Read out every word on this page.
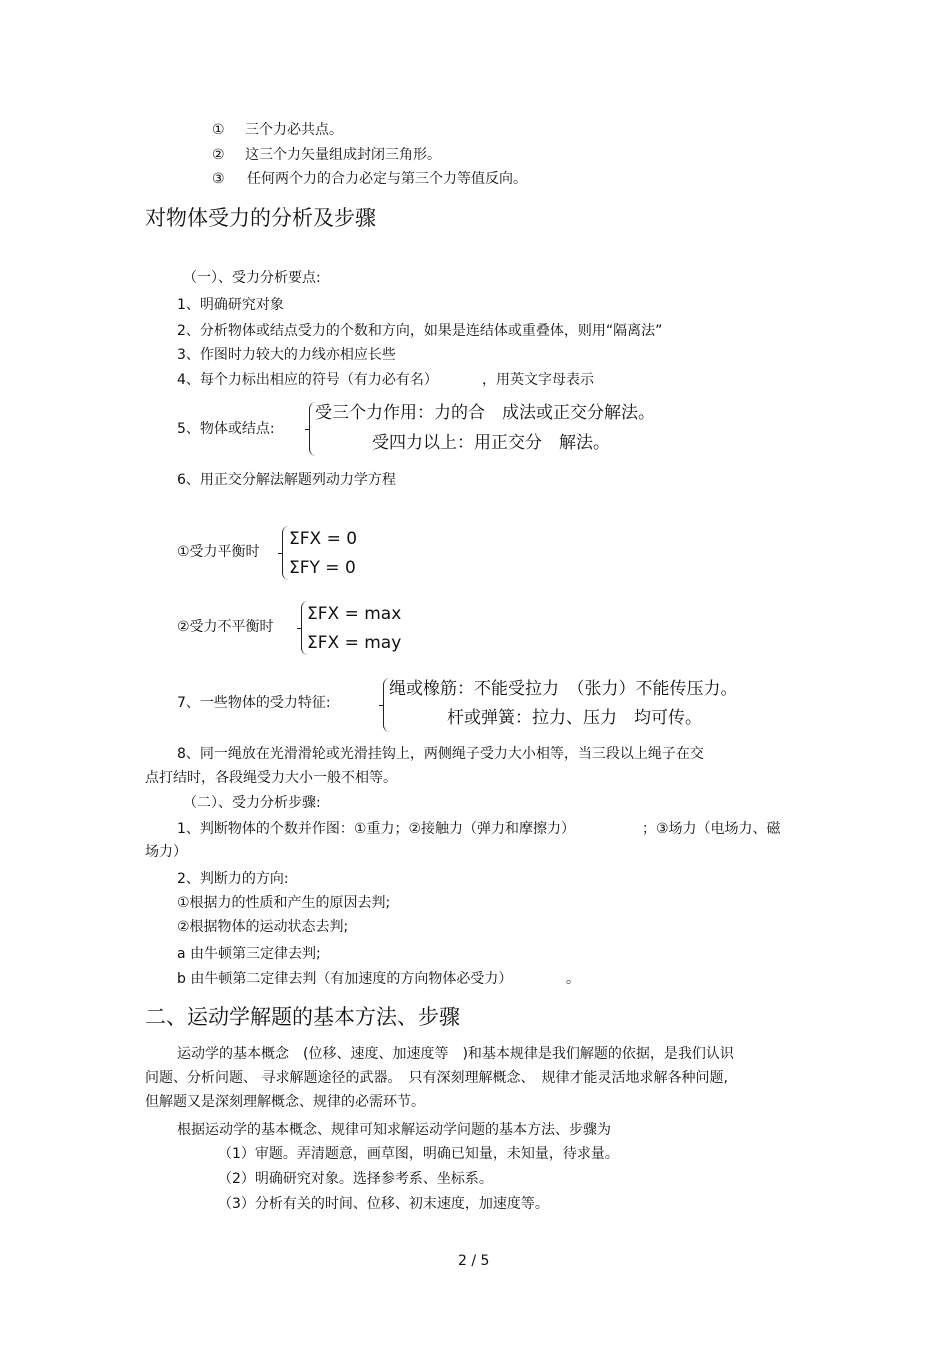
① 三个力必共点。
② 这三个力矢量组成封闭三角形。
③ 任何两个力的合力必定与第三个力等值反向。
对物体受力的分析及步骤
（一）、受力分析要点:
1、明确研究对象
2、分析物体或结点受力的个数和方向，如果是连结体或重叠体，则用“隔离法”
3、作图时力较大的力线亦相应长些
4、每个力标出相应的符号（有力必有名）	，用英文字母表示
5、物体或结点:
受三个力作用：力的合　成法或正交分解法。
受四力以上：用正交分　解法。
6、用正交分解法解题列动力学方程
①受力平衡时
ΣFX = 0
ΣFY = 0
②受力不平衡时
ΣFX = max
ΣFX = may
7、一些物体的受力特征:
绳或橡筋：不能受拉力　（张力）不能传压力。
杆或弹簧：拉力、压力　均可传。
8、同一绳放在光滑滑轮或光滑挂钩上，两侧绳子受力大小相等，当三段以上绳子在交
点打结时，各段绳受力大小一般不相等。
（二）、受力分析步骤:
1、判断物体的个数并作图：①重力；②接触力（弹力和摩擦力）	；③场力（电场力、磁
场力）
2、判断力的方向:
①根据力的性质和产生的原因去判;
②根据物体的运动状态去判;
a 由牛顿第三定律去判;
b 由牛顿第二定律去判（有加速度的方向物体必受力）	。
二、运动学解题的基本方法、步骤
运动学的基本概念　(位移、速度、加速度等　)和基本规律是我们解题的依据，是我们认识
问题、分析问题、 寻求解题途径的武器。　只有深刻理解概念、　规律才能灵活地求解各种问题,
但解题又是深刻理解概念、规律的必需环节。
根据运动学的基本概念、规律可知求解运动学问题的基本方法、步骤为
（1）审题。弄清题意，画草图，明确已知量，未知量，待求量。
（2）明确研究对象。选择参考系、坐标系。
（3）分析有关的时间、位移、初末速度，加速度等。
2 / 5
